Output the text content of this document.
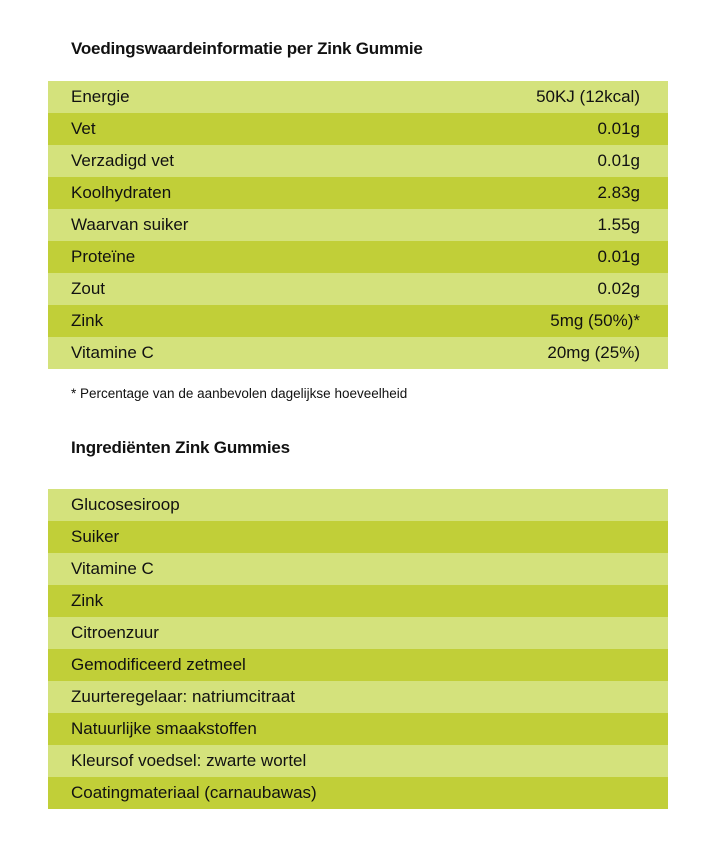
Voedingswaardeinformatie per Zink Gummie
Energie	50KJ (12kcal)
Vet	0.01g
Verzadigd vet	0.01g
Koolhydraten	2.83g
Waarvan suiker	1.55g
Proteïne	0.01g
Zout	0.02g
Zink	5mg (50%)*
Vitamine C	20mg (25%)
* Percentage van de aanbevolen dagelijkse hoeveelheid
Ingrediënten Zink Gummies
Glucosesiroop
Suiker
Vitamine C
Zink
Citroenzuur
Gemodificeerd zetmeel
Zuurteregelaar: natriumcitraat
Natuurlijke smaakstoffen
Kleursof voedsel: zwarte wortel
Coatingmateriaal (carnaubawas)
